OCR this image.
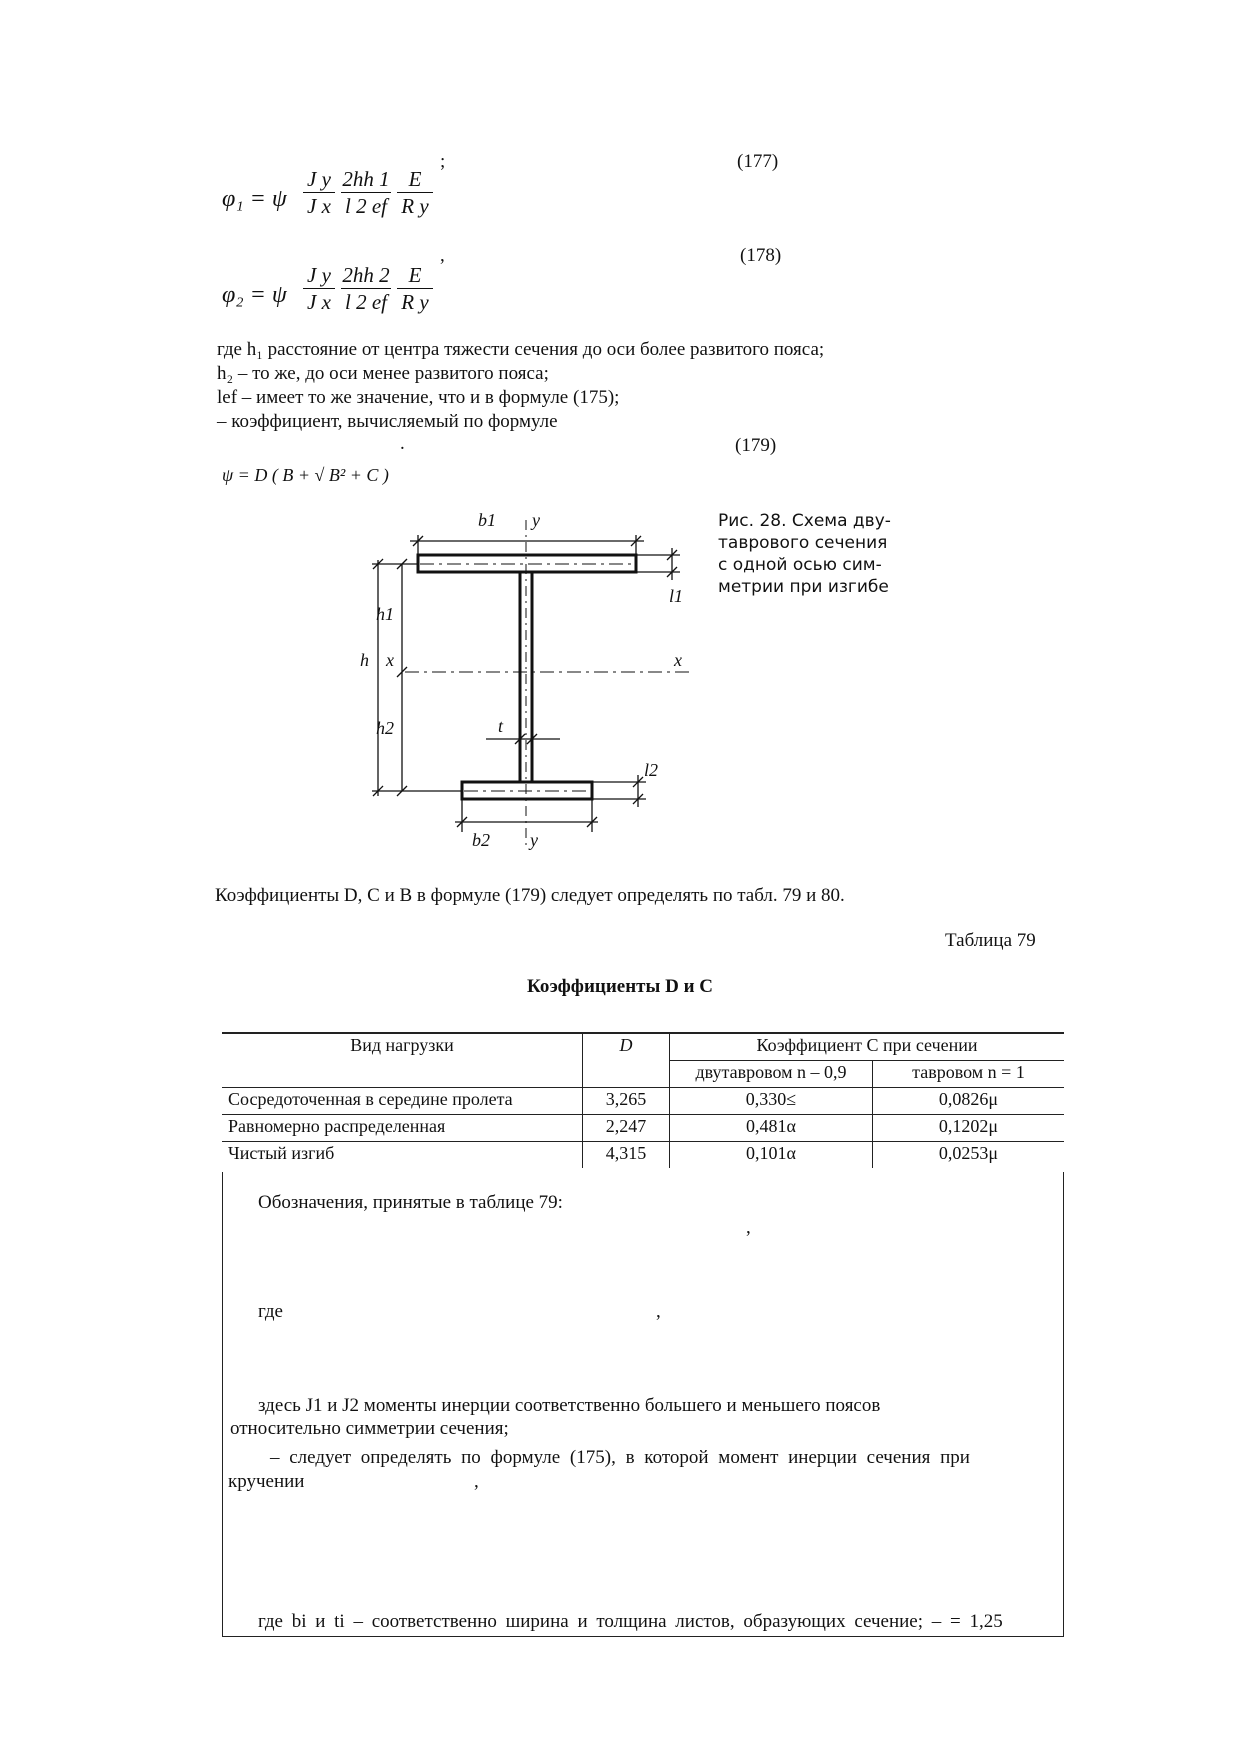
;	(177)
φ₁ = ψ
J y
J x
2hh 1
l 2 ef
E
R y
,	(178)
φ₂ = ψ
J y
J x
2hh 2
l 2 ef
E
R y
где h₁ расстояние от центра тяжести сечения до оси более развитого пояса;
h₂ – то же, до оси менее развитого пояса;
lef – имеет то же значение, что и в формуле (175);
– коэффициент, вычисляемый по формуле
.	(179)
ψ = D ( B + √ B² + C )
b1 y
l1
h1
h x	x
h2	t
l2
b2 y
Рис. 28. Схема дву-
таврового сечения
с одной осью сим-
метрии при изгибе
Коэффициенты D, C и B в формуле (179) следует определять по табл. 79 и 80.
Таблица 79
Коэффициенты D и C
Вид нагрузки	D	Коэффициент C при сечении	
		двутавровом n – 0,9	тавровом n = 1
Сосредоточенная в середине пролета	3,265	0,330≤	0,0826μ
Равномерно распределенная	2,247	0,481α	0,1202μ
Чистый изгиб	4,315	0,101α	0,0253μ
Обозначения, принятые в таблице 79:
,
где	,
здесь J1 и J2 моменты инерции соответственно большего и меньшего поясов
относительно симметрии сечения;
– следует определять по формуле (175), в которой момент инерции сечения при
кручении	,
где bi и ti – соответственно ширина и толщина листов, образующих сечение; – = 1,25
